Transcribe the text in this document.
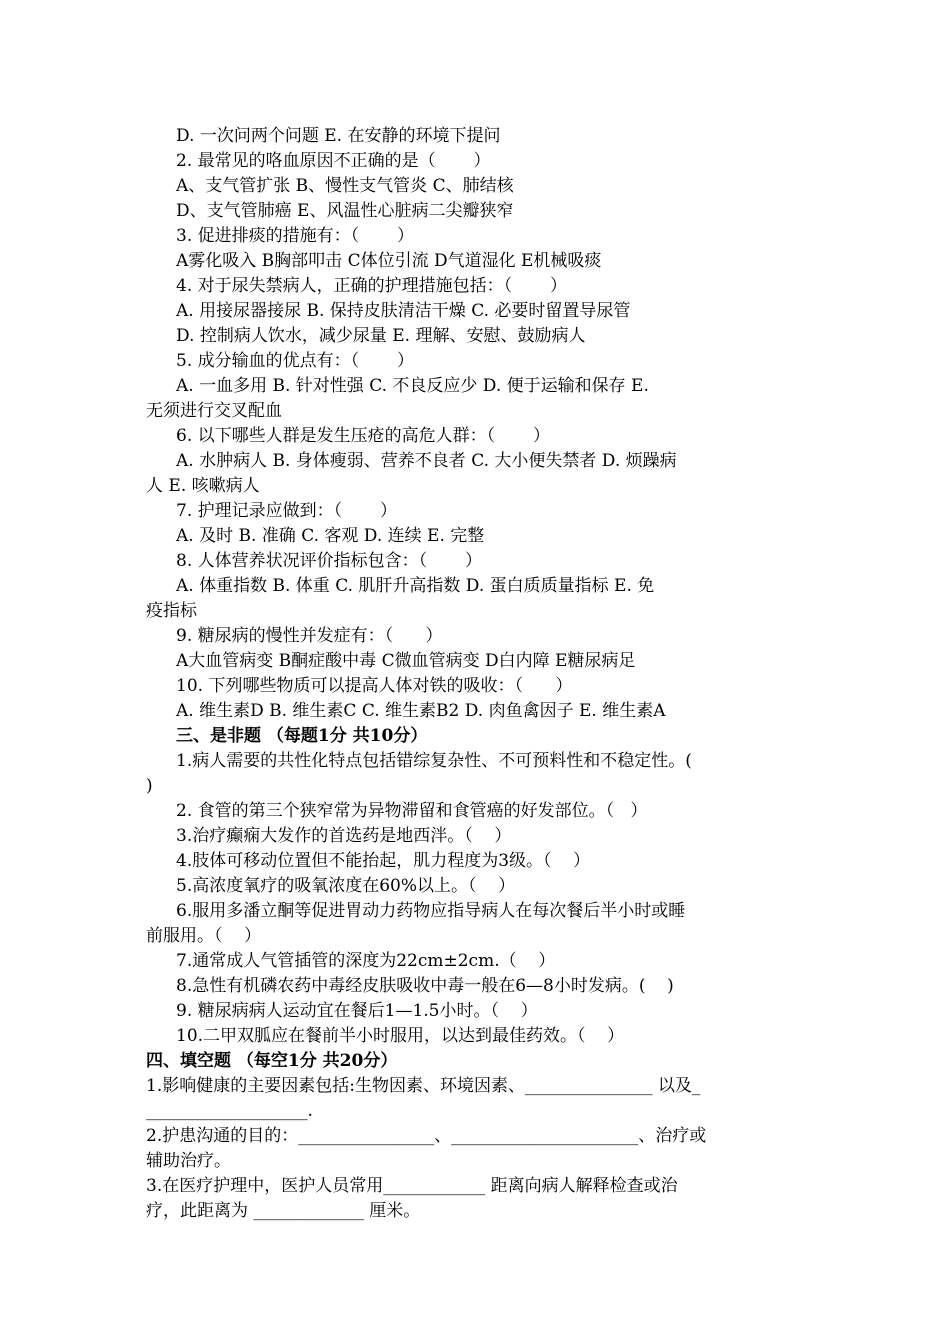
D. 一次问两个问题 E. 在安静的环境下提问
2. 最常见的咯血原因不正确的是（       ）
A、支气管扩张 B、慢性支气管炎 C、肺结核
D、支气管肺癌 E、风温性心脏病二尖瓣狭窄
3. 促进排痰的措施有：（       ）
A雾化吸入 B胸部叩击 C体位引流 D气道湿化 E机械吸痰
4. 对于尿失禁病人，正确的护理措施包括：（       ）
A. 用接尿器接尿 B. 保持皮肤清洁干燥 C. 必要时留置导尿管
D. 控制病人饮水，减少尿量 E. 理解、安慰、鼓励病人
5. 成分输血的优点有：（       ）
A. 一血多用 B. 针对性强 C. 不良反应少 D. 便于运输和保存 E.
无须进行交叉配血
6. 以下哪些人群是发生压疮的高危人群：（       ）
A. 水肿病人 B. 身体瘦弱、营养不良者 C. 大小便失禁者 D. 烦躁病
人 E. 咳嗽病人
7. 护理记录应做到：（       ）
A. 及时 B. 准确 C. 客观 D. 连续 E. 完整
8. 人体营养状况评价指标包含：（       ）
A. 体重指数 B. 体重 C. 肌肝升高指数 D. 蛋白质质量指标 E. 免
疫指标
9. 糖尿病的慢性并发症有：（      ）
A大血管病变 B酮症酸中毒 C微血管病变 D白内障 E糖尿病足
10. 下列哪些物质可以提高人体对铁的吸收：（      ）
A. 维生素D B. 维生素C C. 维生素B2 D. 肉鱼禽因子 E. 维生素A
三、是非题 （每题1分 共10分）
1.病人需要的共性化特点包括错综复杂性、不可预料性和不稳定性。(
)
2. 食管的第三个狭窄常为异物滞留和食管癌的好发部位。（   ）
3.治疗癫痫大发作的首选药是地西泮。（    ）
4.肢体可移动位置但不能抬起，肌力程度为3级。（    ）
5.高浓度氧疗的吸氧浓度在60%以上。（    ）
6.服用多潘立酮等促进胃动力药物应指导病人在每次餐后半小时或睡
前服用。（    ）
7.通常成人气管插管的深度为22cm±2cm.（    ）
8.急性有机磷农药中毒经皮肤吸收中毒一般在6—8小时发病。(    )
9. 糖尿病病人运动宜在餐后1—1.5小时。（    ）
10.二甲双胍应在餐前半小时服用，以达到最佳药效。（    ）
四、填空题 （每空1分 共20分）
1.影响健康的主要因素包括:生物因素、环境因素、_______________ 以及_
___________________.
2.护患沟通的目的：________________、______________________、治疗或
辅助治疗。
3.在医疗护理中，医护人员常用____________ 距离向病人解释检查或治
疗，此距离为 _____________ 厘米。
